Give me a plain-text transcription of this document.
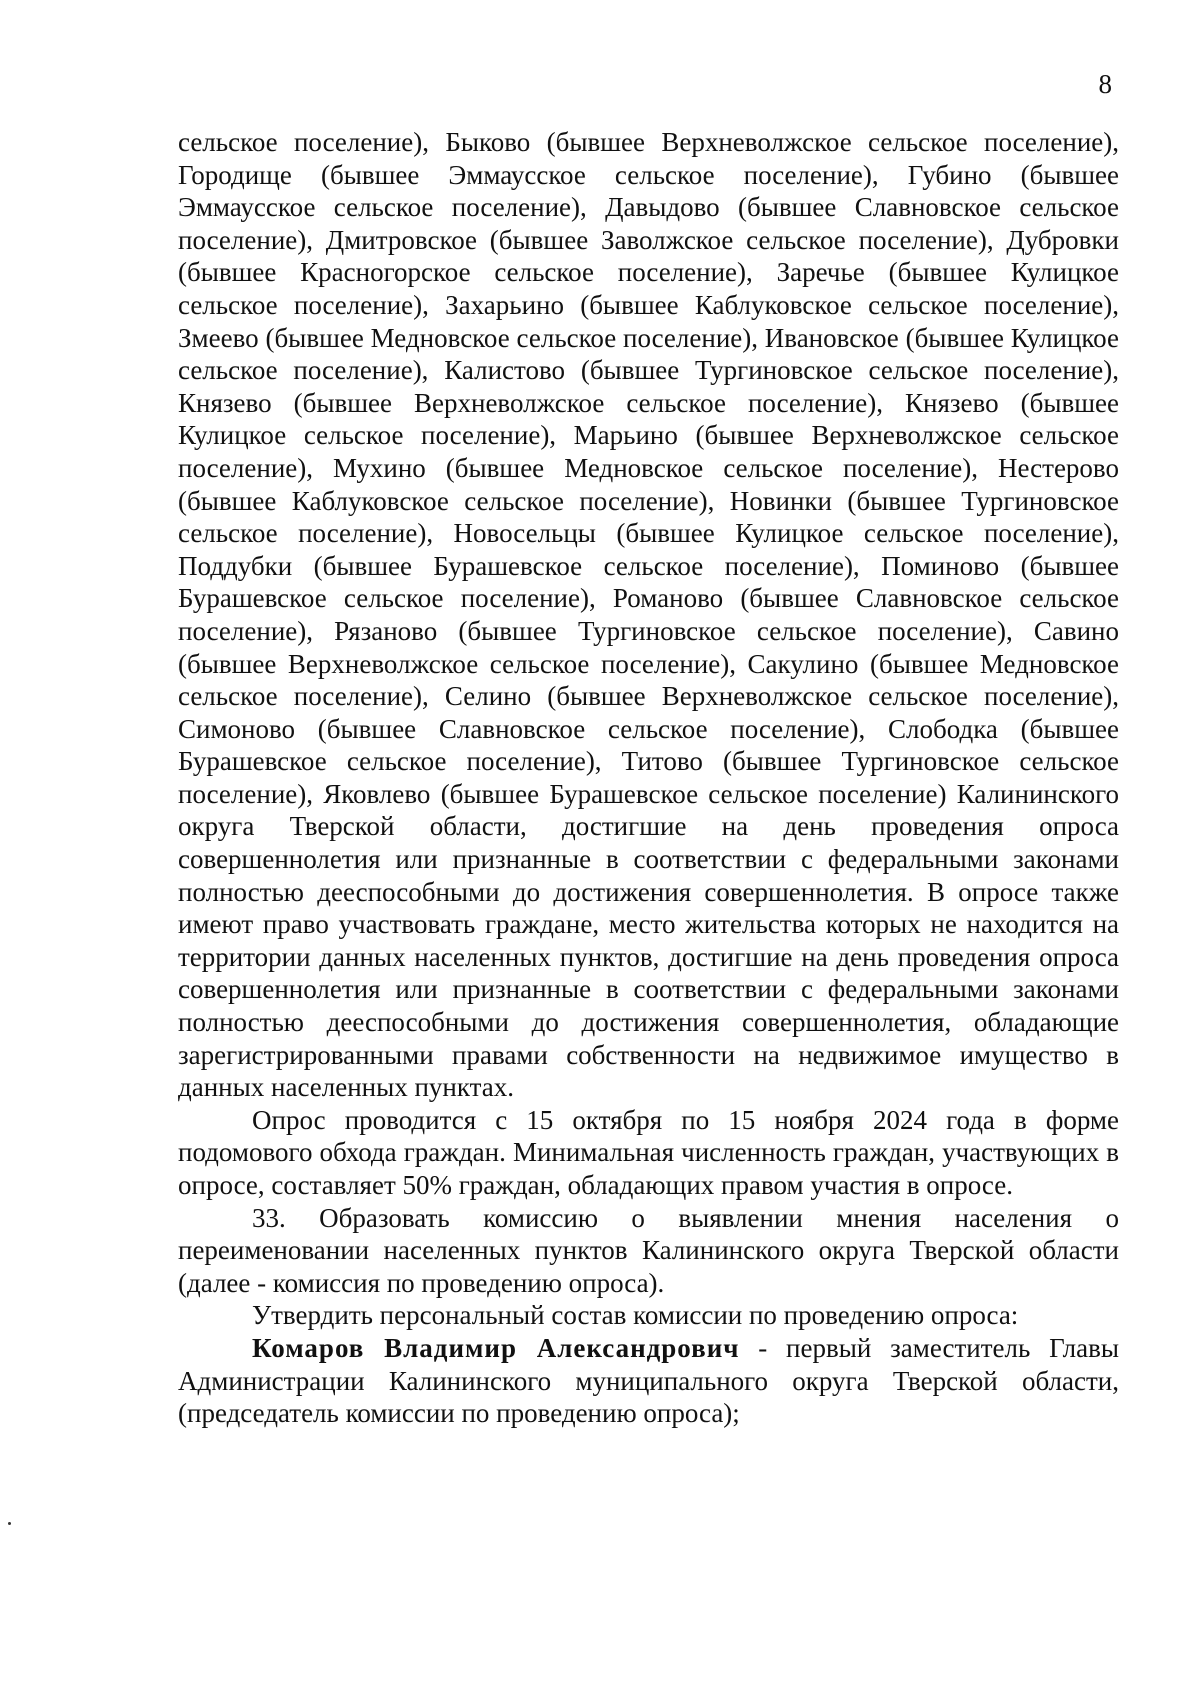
8

сельское поселение), Быково (бывшее Верхневолжское сельское поселение), Городище (бывшее Эммаусское сельское поселение), Губино (бывшее Эммаусское сельское поселение), Давыдово (бывшее Славновское сельское поселение), Дмитровское (бывшее Заволжское сельское поселение), Дубровки (бывшее Красногорское сельское поселение), Заречье (бывшее Кулицкое сельское поселение), Захарьино (бывшее Каблуковское сельское поселение), Змеево (бывшее Медновское сельское поселение), Ивановское (бывшее Кулицкое сельское поселение), Калистово (бывшее Тургиновское сельское поселение), Князево (бывшее Верхневолжское сельское поселение), Князево (бывшее Кулицкое сельское поселение), Марьино (бывшее Верхневолжское сельское поселение), Мухино (бывшее Медновское сельское поселение), Нестерово (бывшее Каблуковское сельское поселение), Новинки (бывшее Тургиновское сельское поселение), Новосельцы (бывшее Кулицкое сельское поселение), Поддубки (бывшее Бурашевское сельское поселение), Поминово (бывшее Бурашевское сельское поселение), Романово (бывшее Славновское сельское поселение), Рязаново (бывшее Тургиновское сельское поселение), Савино (бывшее Верхневолжское сельское поселение), Сакулино (бывшее Медновское сельское поселение), Селино (бывшее Верхневолжское сельское поселение), Симоново (бывшее Славновское сельское поселение), Слободка (бывшее Бурашевское сельское поселение), Титово (бывшее Тургиновское сельское поселение), Яковлево (бывшее Бурашевское сельское поселение) Калининского округа Тверской области, достигшие на день проведения опроса совершеннолетия или признанные в соответствии с федеральными законами полностью дееспособными до достижения совершеннолетия. В опросе также имеют право участвовать граждане, место жительства которых не находится на территории данных населенных пунктов, достигшие на день проведения опроса совершеннолетия или признанные в соответствии с федеральными законами полностью дееспособными до достижения совершеннолетия, обладающие зарегистрированными правами собственности на недвижимое имущество в данных населенных пунктах.

Опрос проводится с 15 октября по 15 ноября 2024 года в форме подомового обхода граждан. Минимальная численность граждан, участвующих в опросе, составляет 50% граждан, обладающих правом участия в опросе.

33. Образовать комиссию о выявлении мнения населения о переименовании населенных пунктов Калининского округа Тверской области (далее - комиссия по проведению опроса).

Утвердить персональный состав комиссии по проведению опроса:

Комаров Владимир Александрович - первый заместитель Главы Администрации Калининского муниципального округа Тверской области, (председатель комиссии по проведению опроса);
